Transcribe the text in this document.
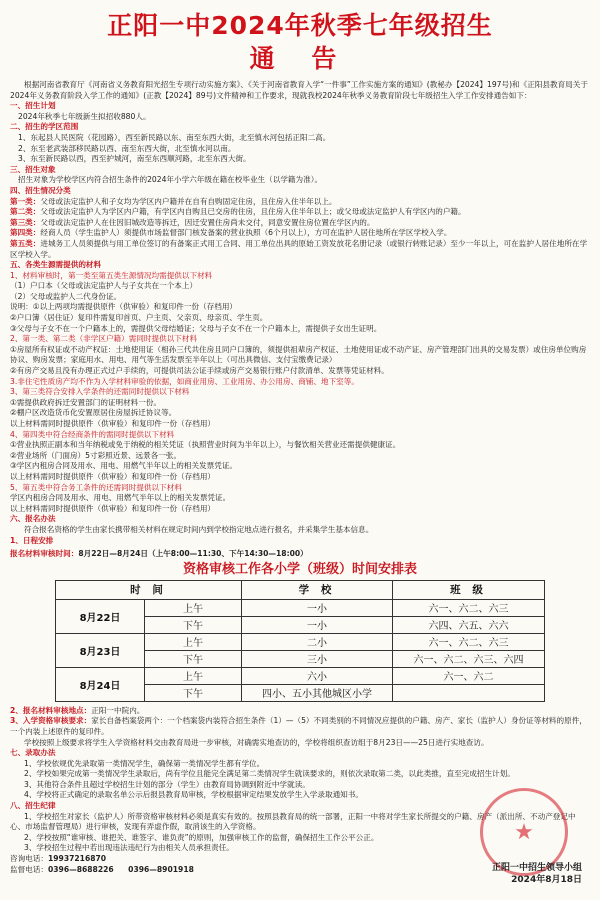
正阳一中2024年秋季七年级招生
通 告

根据河南省教育厅《河南省义务教育阳光招生专项行动实施方案》、《关于河南省教育入学“一件事”工作实施方案的通知》(教秘办【2024】197号)和《正阳县教育局关于2024年义务教育阶段入学工作的通知》(正教【2024】89号)文件精神和工作要求，现就我校2024年秋季义务教育阶段七年级招生入学工作安排通告如下：

一、招生计划

2024年秋季七年级新生拟招收880人。

二、招生的学区范围

1、东起县人民医院（花园路），西至新民路以东、南至东西大街，北至慎水河包括正阳二高。

2、东至老武装部移民路以西、南至东西大街，北至慎水河以南。

3、东至新民路以西，西至护城河，南至东西顺河路，北至东西大街。

三、招生对象

招生对象为学校学区内符合招生条件的2024年小学六年级在籍在校毕业生（以学籍为准）。

四、招生情况分类

第一类：父母或法定监护人和子女均为学区内户籍并在自有自购固定住房，且住房入住半年以上。

第二类：父母或法定监护人为学区内户籍，有学区内自购且已交房的住房，且住房入住半年以上；或父母或法定监护人有学区内的户籍。

第三类：父母或法定监护人在住因旧城改造等拆迁，因迁安置住房尚未交付，同意安置住房位置在学区内的。

第四类：经商人员（学生监护人）须提供市场监督部门核发备案的营业执照（6个月以上），方可在监护人居住地所在学区学校入学。

第五类：进城务工人员须提供与用工单位签订的有备案正式用工合同、用工单位出具的原始工资发放花名册记录（或银行转账记录）至少一年以上，可在监护人居住地所在学区学校入学。

五、各类生源需提供的材料

1、材料审核时，第一类至第五类生源情况均需提供以下材料

（1）户口本（父母或法定监护人与子女共在一个本上）

（2）父母或监护人二代身份证。

说明：①以上两项均需提供原件（供审验）和复印件一份（存档用）

②户口簿（居住证）复印件需复印首页、户主页、父亲页、母亲页、学生页。

③父母与子女不在一个户籍本上的，需提供父母结婚证；父母与子女不在一个户籍本上，需提供子女出生证明。

2、第一类、第二类（非学区户籍）需同时提供以下材料

①房屋所有权证或不动产权证：土地使用证（相孙三代共住房且同户口簿的，须提供祖辈房产权证、土地使用证或不动产证、房产管理部门出具的交易发票）或住房单位购房协议、购房发票；家庭用水、用电、用气等生活发票至半年以上（可出具微信、支付宝缴费记录）

②有房产交易且没有办理正式过户手续的，可提供司法公证手续或房产交易银行账户付款清单、发票等凭证材料。

3.非住宅性质房产均不作为入学材料审验的依据，如商业用房、工业用房、办公用房、商铺、地下室等。

3、第三类符合安排入学条件的还需同时提供以下材料

①需提供政府拆迁安置部门的证明材料一份。

②棚户区改造货币化安置原居住房屋拆迁协议等。

以上材料需同时提供原件（供审验）和复印件一份（存档用）

4、第四类中符合经商条件的需同时提供以下材料

①营业执照正副本和当年纳税或免于纳税的相关凭证（执照营业时间为半年以上），与餐饮相关营业还需提供健康证。

②营业场所（门面房）5寸彩照近景、远景各一张。

③学区内租房合同及用水、用电、用燃气半年以上的相关发票凭证。

以上材料需同时提供原件（供审验）和复印件一份（存档用）

5、第五类中符合务工条件的还需同时提供以下材料

学区内租房合同及用水、用电、用燃气半年以上的相关发票凭证。

以上材料需同时提供原件（供审验）和复印件一份（存档用）

六、报名办法

符合报名资格的学生由家长携带相关材料在规定时间内到学校指定地点进行报名，并采集学生基本信息。

1、日程安排

报名材料审核时间：8月22日—8月24日（上午8:00—11:30、下午14:30—18:00）

资格审核工作各小学（班级）时间安排表
时 间		学 校	班 级
8月22日	上午	一小	六一、六二、六三
	下午	一小	六四、六五、六六
8月23日	上午	二小	六一、六二、六三
	下午	三小	六一、六二、六三、六四
8月24日	上午	六小	六一、六二
	下午	四小、五小其他城区小学	

2、报名材料审核地点：正阳一中院内。

3、入学资格审核要求：家长自备档案袋两个：一个档案袋内装符合招生条件（1）—（5）不同类别的不同情况应提供的户籍、房产、家长（监护人）身份证等材料的原件，一个内装上述原件的复印件。

学校按照上级要求将学生入学资格材料交由教育局进一步审核，对确需实地查访的，学校将组织查访组于8月23日——25日进行实地查访。

七、录取办法

1、学校依规优先录取第一类情况学生，确保第一类情况学生都有学位。

2、学校如果完成第一类情况学生录取后，尚有学位且能完全满足第二类情况学生就读要求的，则依次录取第二类，以此类推，直至完成招生计划。

3、其他符合条件且超过学校招生计划的部分（学生）由教育局协调到附近中学就读。

4、学校将正式确定的录取名单公示后报县教育局审核，学校根据审定结果发放学生入学录取通知书。

八、招生纪律

1、学校招生对家长（监护人）所带资格审核材料必须是真实有效的。按照县教育局的统一部署，正阳一中将对学生家长所提交的户籍、房产（派出所、不动产登记中心、市场监督管理局）进行审核，发现有弄虚作假，取消该生的入学资格。

2、学校按照“谁审核、谁把关、谁签字、谁负责”的原则，加强审核工作的监督，确保招生工作公平公正。

3、学校招生过程中若出现违法违纪行为由相关人员承担责任。

咨询电话：19937216870

监督电话：0396—8688226 0396—8901918

★
正阳一中招生领导小组
2024年8月18日
